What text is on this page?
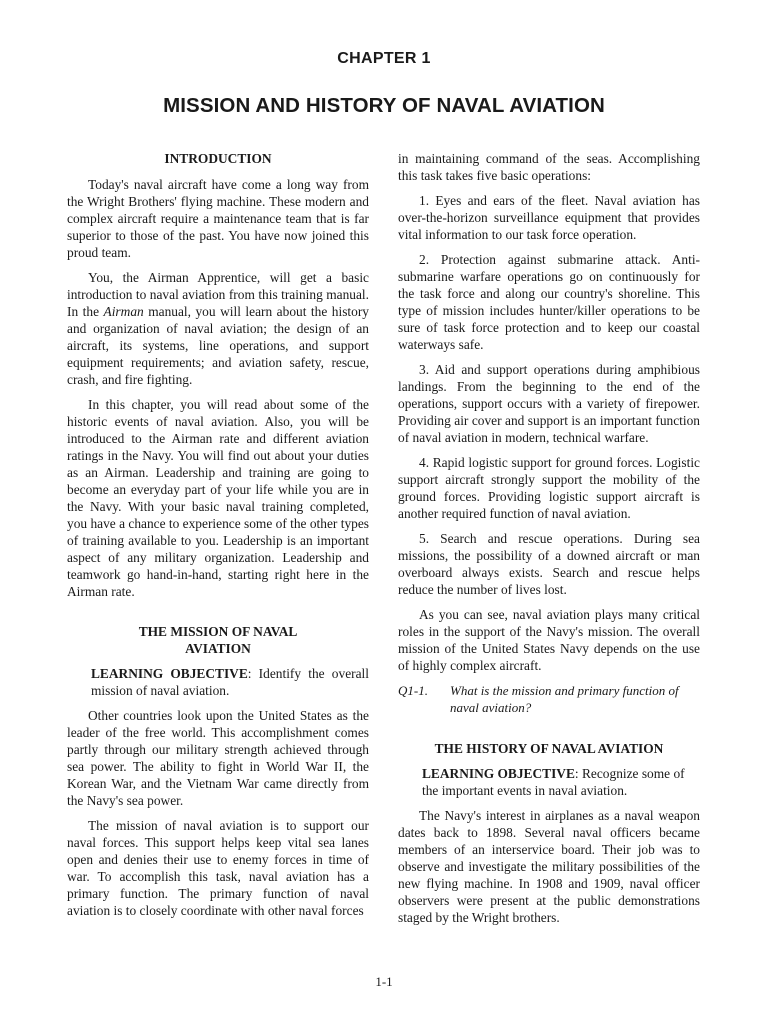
CHAPTER 1
MISSION AND HISTORY OF NAVAL AVIATION
INTRODUCTION

Today's naval aircraft have come a long way from the Wright Brothers' flying machine. These modern and complex aircraft require a maintenance team that is far superior to those of the past. You have now joined this proud team.

You, the Airman Apprentice, will get a basic introduction to naval aviation from this training manual. In the Airman manual, you will learn about the history and organization of naval aviation; the design of an aircraft, its systems, line operations, and support equipment requirements; and aviation safety, rescue, crash, and fire fighting.

In this chapter, you will read about some of the historic events of naval aviation. Also, you will be introduced to the Airman rate and different aviation ratings in the Navy. You will find out about your duties as an Airman. Leadership and training are going to become an everyday part of your life while you are in the Navy. With your basic naval training completed, you have a chance to experience some of the other types of training available to you. Leadership is an important aspect of any military organization. Leadership and teamwork go hand-in-hand, starting right here in the Airman rate.

THE MISSION OF NAVAL
AVIATION

LEARNING OBJECTIVE: Identify the overall mission of naval aviation.

Other countries look upon the United States as the leader of the free world. This accomplishment comes partly through our military strength achieved through sea power. The ability to fight in World War II, the Korean War, and the Vietnam War came directly from the Navy's sea power.

The mission of naval aviation is to support our naval forces. This support helps keep vital sea lanes open and denies their use to enemy forces in time of war. To accomplish this task, naval aviation has a primary function. The primary function of naval aviation is to closely coordinate with other naval forces

in maintaining command of the seas. Accomplishing this task takes five basic operations:

1. Eyes and ears of the fleet. Naval aviation has over-the-horizon surveillance equipment that provides vital information to our task force operation.

2. Protection against submarine attack. Anti-submarine warfare operations go on continuously for the task force and along our country's shoreline. This type of mission includes hunter/killer operations to be sure of task force protection and to keep our coastal waterways safe.

3. Aid and support operations during amphibious landings. From the beginning to the end of the operations, support occurs with a variety of firepower. Providing air cover and support is an important function of naval aviation in modern, technical warfare.

4. Rapid logistic support for ground forces. Logistic support aircraft strongly support the mobility of the ground forces. Providing logistic support aircraft is another required function of naval aviation.

5. Search and rescue operations. During sea missions, the possibility of a downed aircraft or man overboard always exists. Search and rescue helps reduce the number of lives lost.

As you can see, naval aviation plays many critical roles in the support of the Navy's mission. The overall mission of the United States Navy depends on the use of highly complex aircraft.

Q1-1. What is the mission and primary function of naval aviation?

THE HISTORY OF NAVAL AVIATION

LEARNING OBJECTIVE: Recognize some of the important events in naval aviation.

The Navy's interest in airplanes as a naval weapon dates back to 1898. Several naval officers became members of an interservice board. Their job was to observe and investigate the military possibilities of the new flying machine. In 1908 and 1909, naval officer observers were present at the public demonstrations staged by the Wright brothers.

1-1
